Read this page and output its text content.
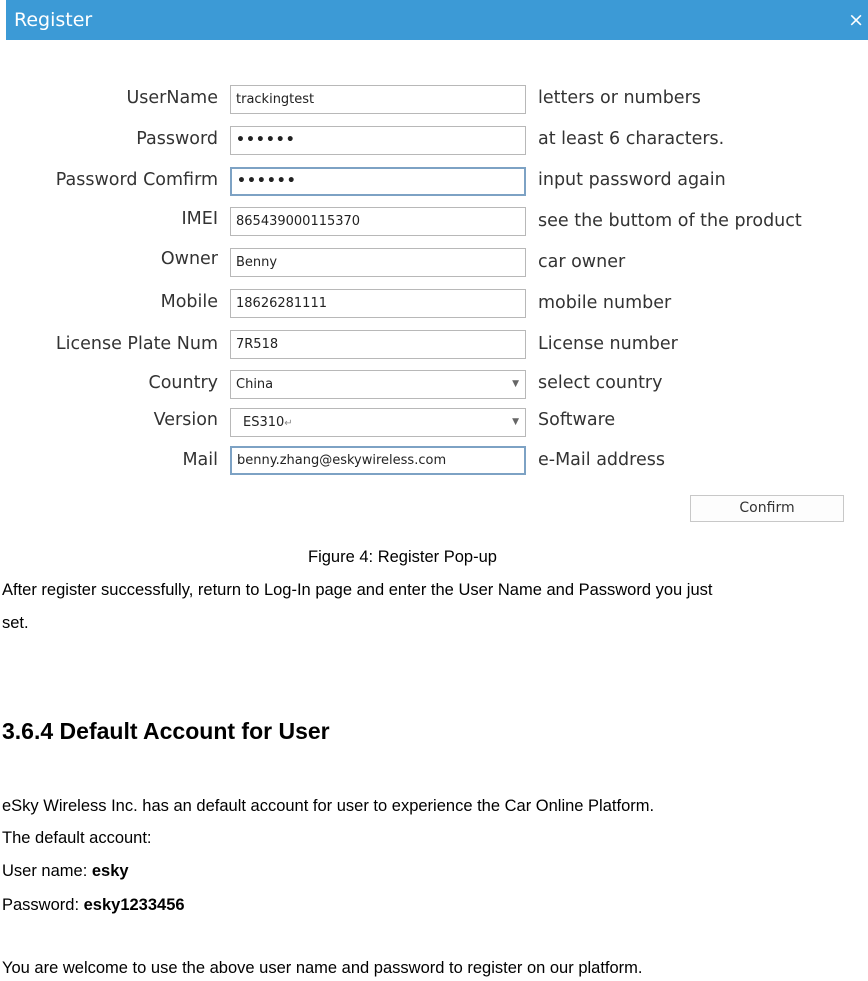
Register	×
UserName	trackingtest	letters or numbers
Password	••••••	at least 6 characters.
Password Comfirm	••••••	input password again
IMEI	865439000115370	see the buttom of the product
Owner	Benny	car owner
Mobile	18626281111	mobile number
License Plate Num	7R518	License number
Country	China	▼ select country
Version	ES310↵	▼ Software
Mail	benny.zhang@eskywireless.com	e-Mail address
Confirm
Figure 4: Register Pop-up
After register successfully, return to Log-In page and enter the User Name and Password you just
set.
3.6.4 Default Account for User
eSky Wireless Inc. has an default account for user to experience the Car Online Platform.
The default account:
User name: esky
Password: esky1233456
You are welcome to use the above user name and password to register on our platform.
